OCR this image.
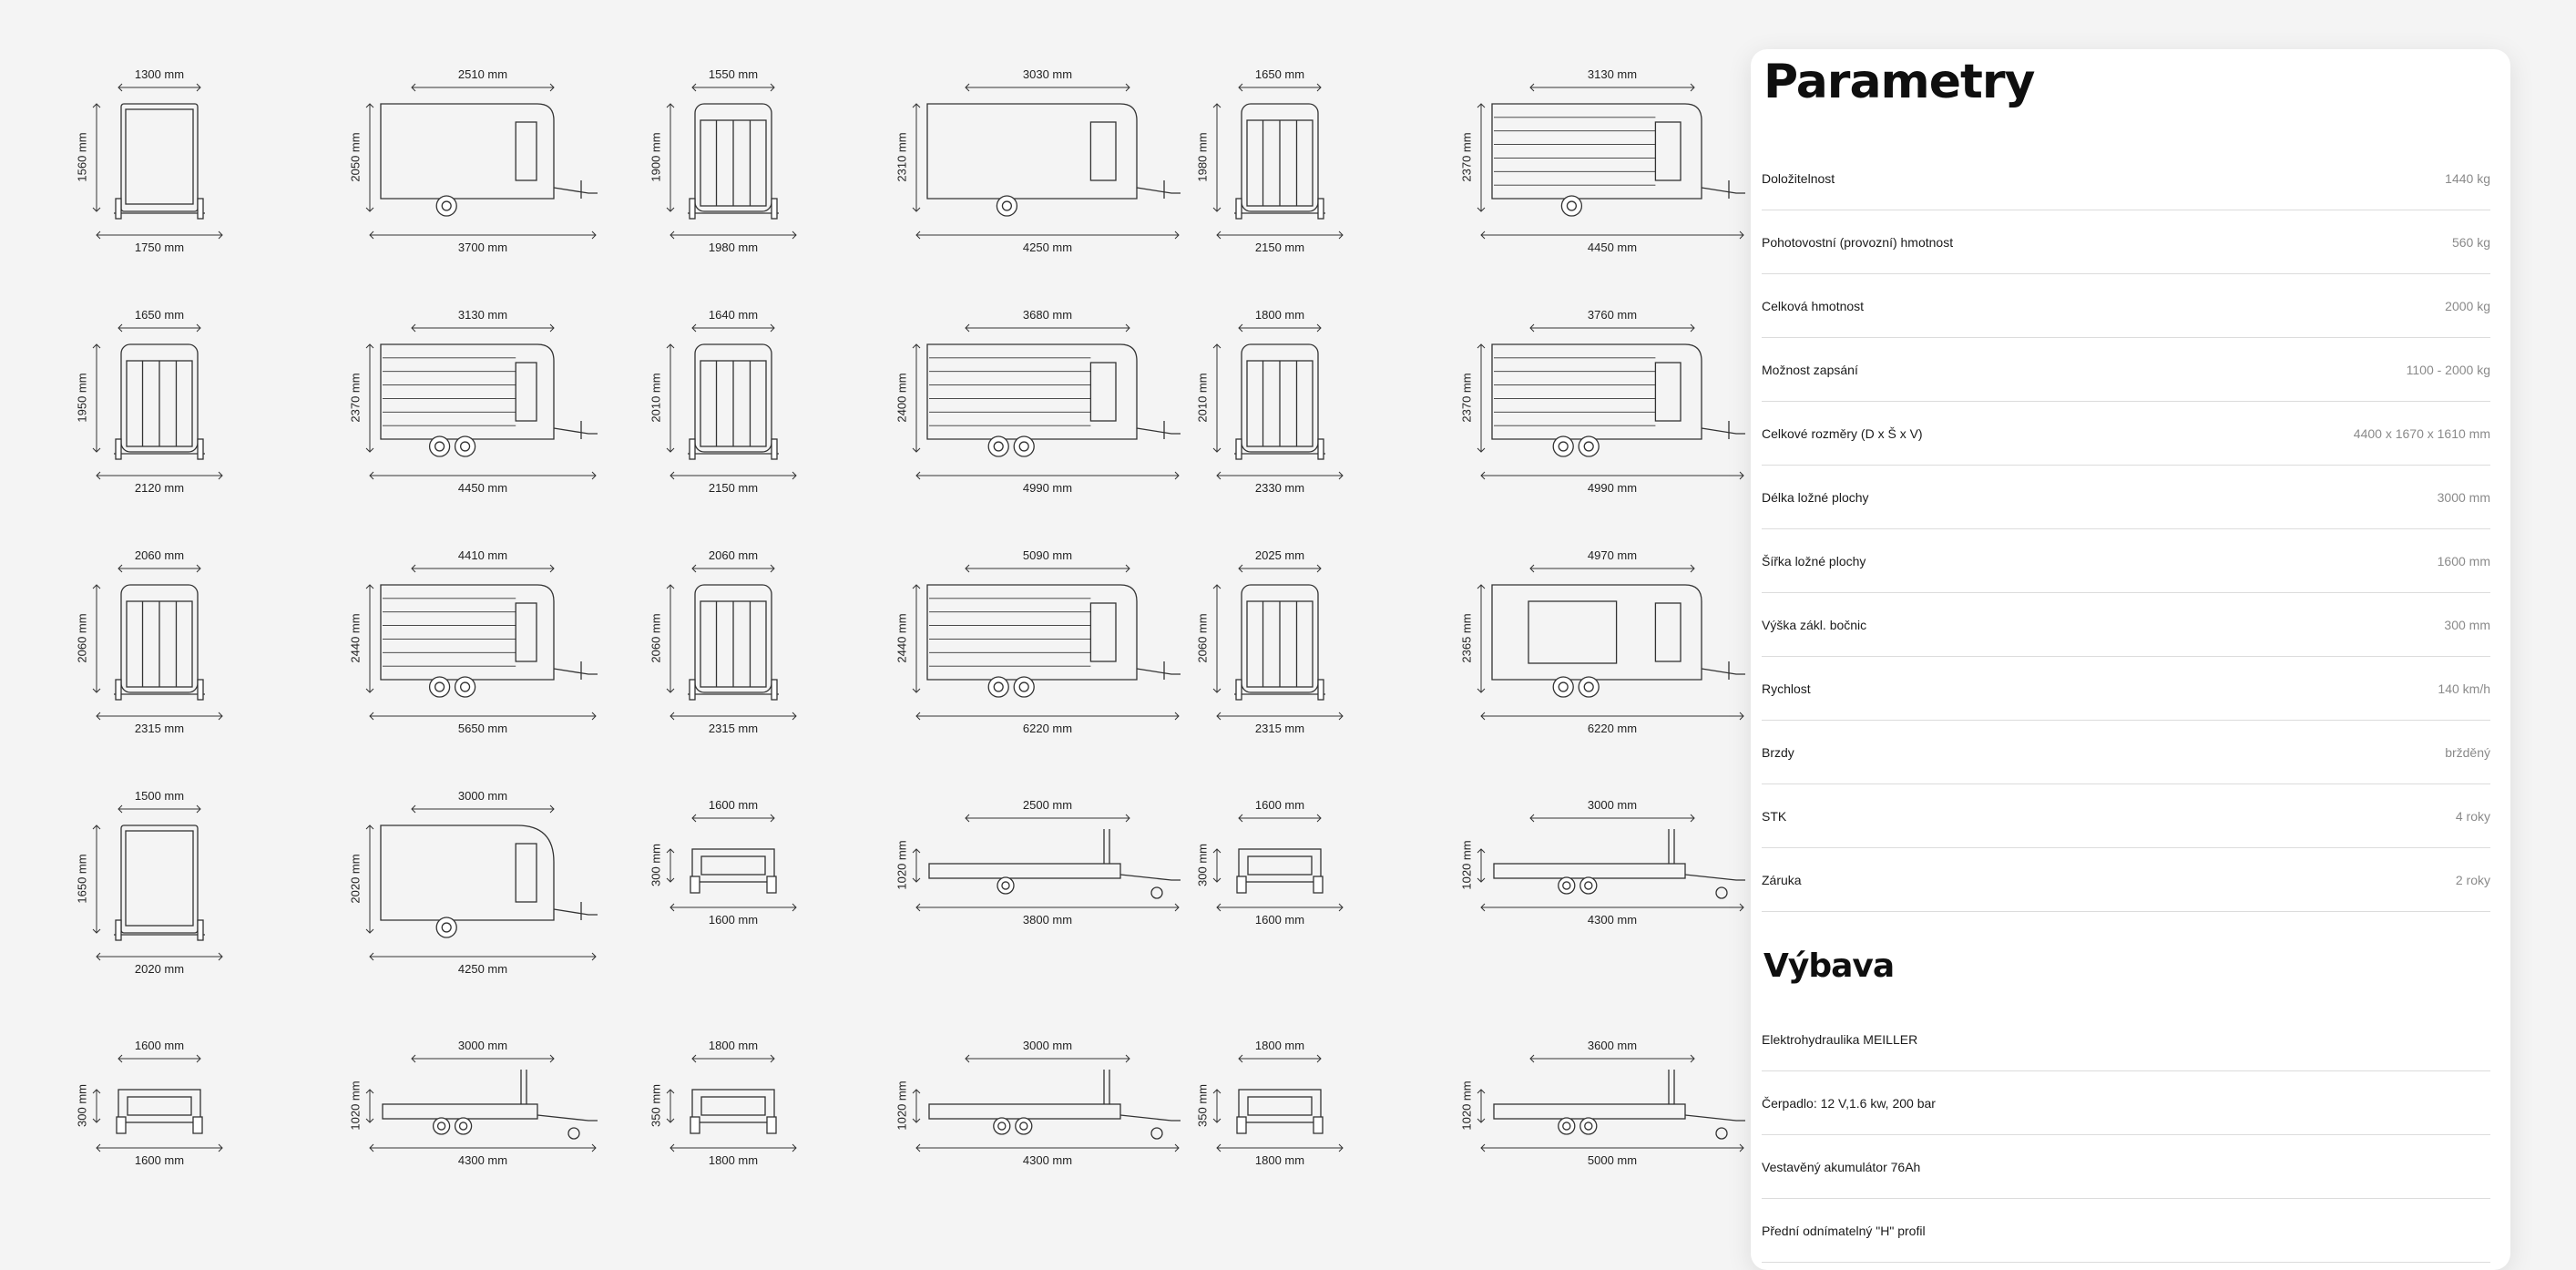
1300 mm
1750 mm
1560 mm
2510 mm
3700 mm
2050 mm
1550 mm
1980 mm
1900 mm
3030 mm
4250 mm
2310 mm
1650 mm
2150 mm
1980 mm
3130 mm
4450 mm
2370 mm
1650 mm
2120 mm
1950 mm
3130 mm
4450 mm
2370 mm
1640 mm
2150 mm
2010 mm
3680 mm
4990 mm
2400 mm
1800 mm
2330 mm
2010 mm
3760 mm
4990 mm
2370 mm
2060 mm
2315 mm
2060 mm
4410 mm
5650 mm
2440 mm
2060 mm
2315 mm
2060 mm
5090 mm
6220 mm
2440 mm
2025 mm
2315 mm
2060 mm
4970 mm
6220 mm
2365 mm
1500 mm
2020 mm
1650 mm
3000 mm
4250 mm
2020 mm
1600 mm
1600 mm
300 mm
2500 mm
3800 mm
1020 mm
1600 mm
1600 mm
300 mm
3000 mm
4300 mm
1020 mm
1600 mm
1600 mm
300 mm
3000 mm
4300 mm
1020 mm
1800 mm
1800 mm
350 mm
3000 mm
4300 mm
1020 mm
1800 mm
1800 mm
350 mm
3600 mm
5000 mm
1020 mm
Parametry
Doložitelnost	1440 kg
Pohotovostní (provozní) hmotnost	560 kg
Celková hmotnost	2000 kg
Možnost zapsání	1100 - 2000 kg
Celkové rozměry (D x Š x V)	4400 x 1670 x 1610 mm
Délka ložné plochy	3000 mm
Šířka ložné plochy	1600 mm
Výška zákl. bočnic	300 mm
Rychlost	140 km/h
Brzdy	bržděný
STK	4 roky
Záruka	2 roky
Výbava
Elektrohydraulika MEILLER
Čerpadlo: 12 V,1.6 kw, 200 bar
Vestavěný akumulátor 76Ah
Přední odnímatelný "H" profil
